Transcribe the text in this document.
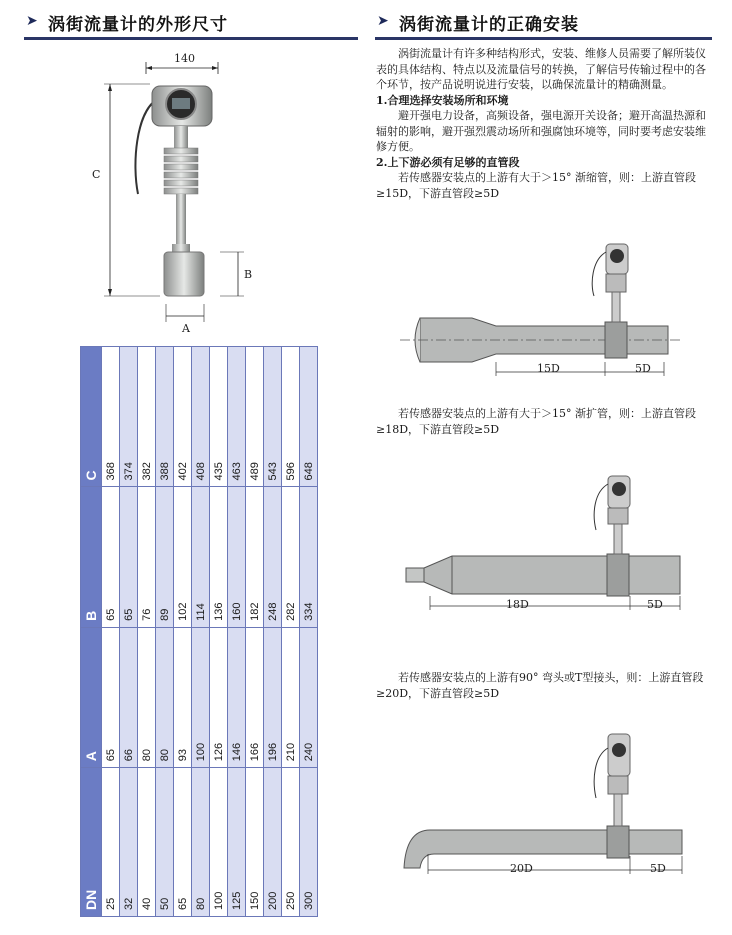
➤ 涡街流量计的外形尺寸	➤ 涡街流量计的正确安装
140
C
B
A
DN	A	B	C
25	65	65	368
32	66	65	374
40	80	76	382
50	80	89	388
65	93	102	402
80	100	114	408
100	126	136	435
125	146	160	463
150	166	182	489
200	196	248	543
250	210	282	596
300	240	334	648

涡街流量计有许多种结构形式，安装、维修人员需要了解所装仪表的具体结构、特点以及流量信号的转换，了解信号传输过程中的各个环节，按产品说明说进行安装，以确保流量计的精确测量。

1.合理选择安装场所和环境

避开强电力设备，高频设备，强电源开关设备；避开高温热源和辐射的影响，避开强烈震动场所和强腐蚀环境等，同时要考虑安装维修方便。

2.上下游必须有足够的直管段

若传感器安装点的上游有大于＞15° 渐缩管，则：上游直管段≥15D，下游直管段≥5D

15D	5D

若传感器安装点的上游有大于＞15° 渐扩管，则：上游直管段≥18D，下游直管段≥5D

18D	5D

若传感器安装点的上游有90° 弯头或T型接头，则：上游直管段≥20D，下游直管段≥5D

20D	5D
